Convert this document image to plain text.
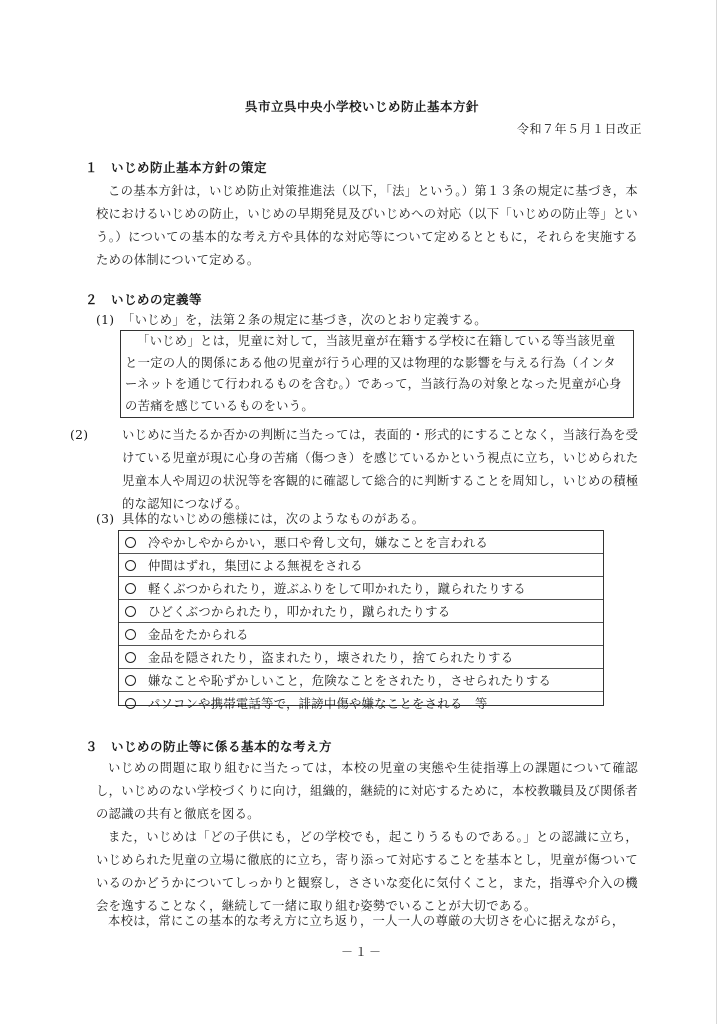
呉市立呉中央小学校いじめ防止基本方針
令和７年５月１日改正
１　いじめ防止基本方針の策定
この基本方針は，いじめ防止対策推進法（以下，「法」という。）第１３条の規定に基づき，本校におけるいじめの防止，いじめの早期発見及びいじめへの対応（以下「いじめの防止等」という。）についての基本的な考え方や具体的な対応等について定めるとともに，それらを実施するための体制について定める。
２　いじめの定義等
(1) 「いじめ」を，法第２条の規定に基づき，次のとおり定義する。

「いじめ」とは，児童に対して，当該児童が在籍する学校に在籍している等当該児童と一定の人的関係にある他の児童が行う心理的又は物理的な影響を与える行為（インターネットを通じて行われるものを含む。）であって，当該行為の対象となった児童が心身の苦痛を感じているものをいう。

(2)	いじめに当たるか否かの判断に当たっては，表面的・形式的にすることなく，当該行為を受けている児童が現に心身の苦痛（傷つき）を感じているかという視点に立ち，いじめられた児童本人や周辺の状況等を客観的に確認して総合的に判断することを周知し，いじめの積極的な認知につなげる。
(3) 具体的ないじめの態様には，次のようなものがある。
冷やかしやからかい，悪口や脅し文句，嫌なことを言われる
仲間はずれ，集団による無視をされる
軽くぶつかられたり，遊ぶふりをして叩かれたり，蹴られたりする
ひどくぶつかられたり，叩かれたり，蹴られたりする
金品をたかられる
金品を隠されたり，盗まれたり，壊されたり，捨てられたりする
嫌なことや恥ずかしいこと，危険なことをされたり，させられたりする
パソコンや携帯電話等で，誹謗中傷や嫌なことをされる　等
３　いじめの防止等に係る基本的な考え方
いじめの問題に取り組むに当たっては，本校の児童の実態や生徒指導上の課題について確認し，いじめのない学校づくりに向け，組織的，継続的に対応するために，本校教職員及び関係者の認識の共有と徹底を図る。
また，いじめは「どの子供にも，どの学校でも，起こりうるものである。」との認識に立ち，いじめられた児童の立場に徹底的に立ち，寄り添って対応することを基本とし，児童が傷ついているのかどうかについてしっかりと観察し，ささいな変化に気付くこと，また，指導や介入の機会を逸することなく，継続して一緒に取り組む姿勢でいることが大切である。
本校は，常にこの基本的な考え方に立ち返り，一人一人の尊厳の大切さを心に据えながら，
－１－
